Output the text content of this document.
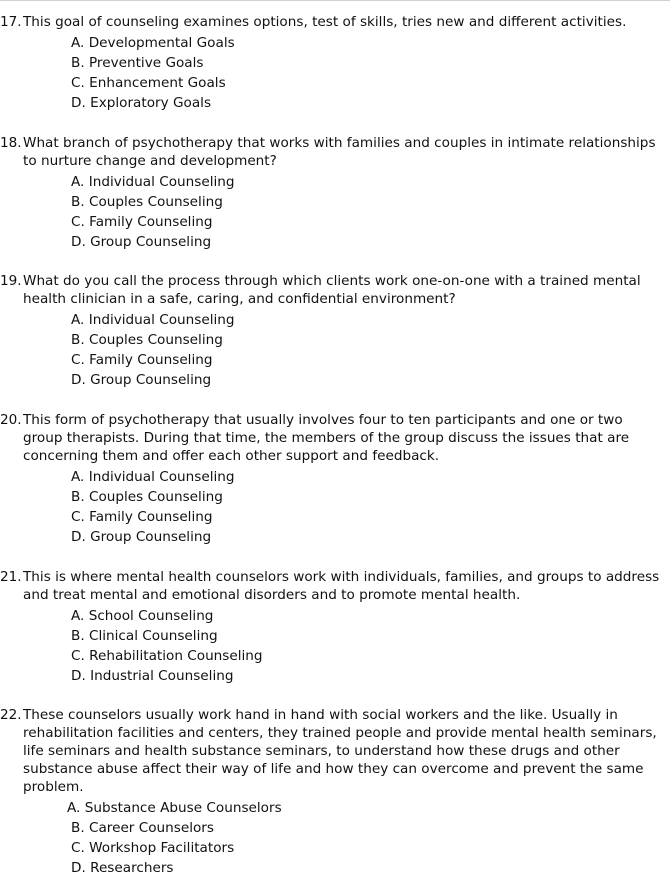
17. This goal of counseling examines options, test of skills, tries new and different activities.
A. Developmental Goals
B. Preventive Goals
C. Enhancement Goals
D. Exploratory Goals
18. What branch of psychotherapy that works with families and couples in intimate relationships to nurture change and development?
A. Individual Counseling
B. Couples Counseling
C. Family Counseling
D. Group Counseling
19. What do you call the process through which clients work one-on-one with a trained mental health clinician in a safe, caring, and confidential environment?
A. Individual Counseling
B. Couples Counseling
C. Family Counseling
D. Group Counseling
20. This form of psychotherapy that usually involves four to ten participants and one or two group therapists. During that time, the members of the group discuss the issues that are concerning them and offer each other support and feedback.
A. Individual Counseling
B. Couples Counseling
C. Family Counseling
D. Group Counseling
21. This is where mental health counselors work with individuals, families, and groups to address and treat mental and emotional disorders and to promote mental health.
A. School Counseling
B. Clinical Counseling
C. Rehabilitation Counseling
D. Industrial Counseling
22. These counselors usually work hand in hand with social workers and the like. Usually in rehabilitation facilities and centers, they trained people and provide mental health seminars, life seminars and health substance seminars, to understand how these drugs and other substance abuse affect their way of life and how they can overcome and prevent the same problem.
A. Substance Abuse Counselors
B. Career Counselors
C. Workshop Facilitators
D. Researchers
